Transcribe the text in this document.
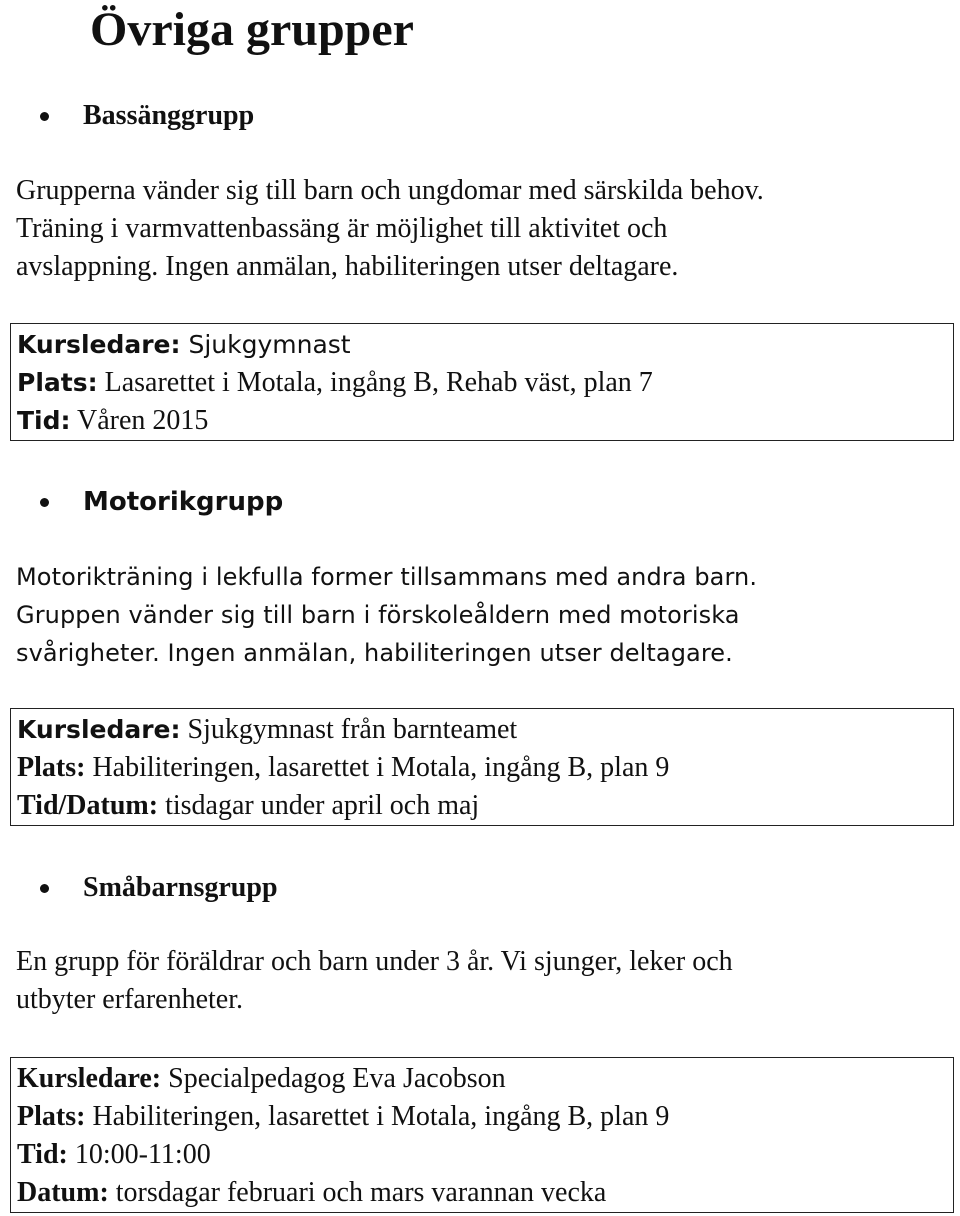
Övriga grupper
Bassänggrupp
Grupperna vänder sig till barn och ungdomar med särskilda behov.
Träning i varmvattenbassäng är möjlighet till aktivitet och
avslappning. Ingen anmälan, habiliteringen utser deltagare.
Kursledare: Sjukgymnast
Plats: Lasarettet i Motala, ingång B, Rehab väst, plan 7
Tid: Våren 2015
Motorikgrupp
Motorikträning i lekfulla former tillsammans med andra barn.
Gruppen vänder sig till barn i förskoleåldern med motoriska
svårigheter. Ingen anmälan, habiliteringen utser deltagare.
Kursledare: Sjukgymnast från barnteamet
Plats: Habiliteringen, lasarettet i Motala, ingång B, plan 9
Tid/Datum: tisdagar under april och maj
Småbarnsgrupp
En grupp för föräldrar och barn under 3 år. Vi sjunger, leker och
utbyter erfarenheter.
Kursledare: Specialpedagog Eva Jacobson
Plats: Habiliteringen, lasarettet i Motala, ingång B, plan 9
Tid: 10:00-11:00
Datum: torsdagar februari och mars varannan vecka
